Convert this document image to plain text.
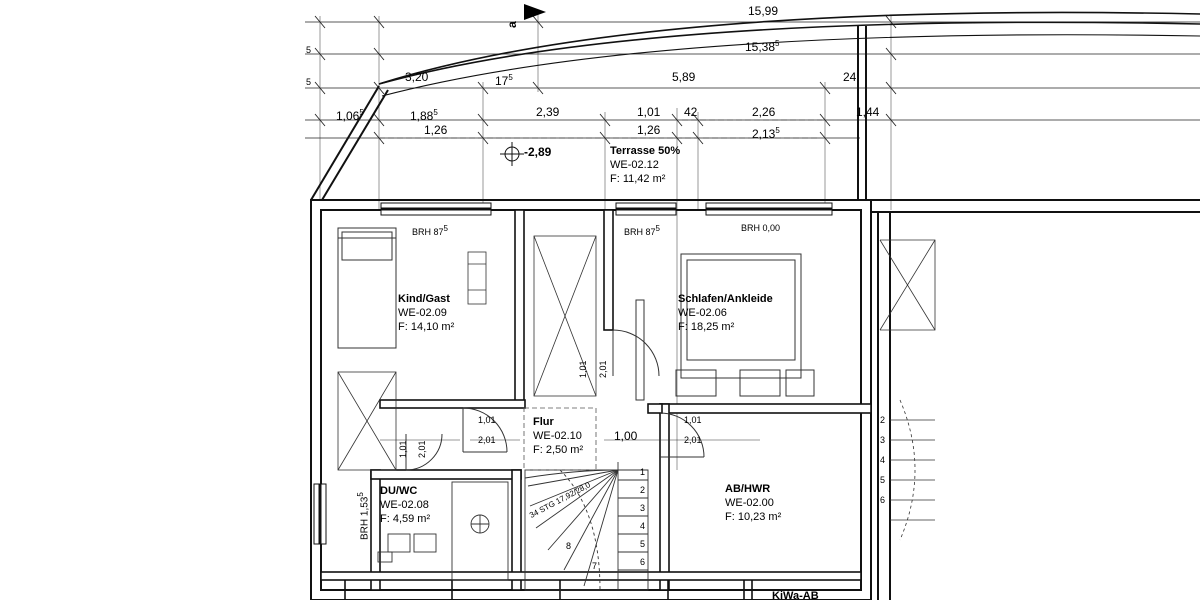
15,99
15,38$^5$
5
5	3,20	$17^5$	5,89	24
1,06$^5$	1,88$^5$	2,39	1,01 42	2,26	1,44
1,26	1,26	2,13$^5$
a
-2,89
BRH 875	BRH 875	BRH 0,00
BRH 1,53$^5$
Terrasse 50%
WE-02.12
F: 11,42 m²
Kind/Gast
WE-02.09
F: 14,10 m²
Schlafen/Ankleide
WE-02.06
F: 18,25 m²
Flur
WE-02.10
F: 2,50 m²
DU/WC
WE-02.08
F: 4,59 m²
AB/HWR
WE-02.00
F: 10,23 m²
KiWa-AB
1,01 2,01
1,01 2,01
1,01
2,01
1,01
2,01
1,00
34 STG 17,92/28,0
1
2
3
4
5
6
7
8
2
3
4
5
6
